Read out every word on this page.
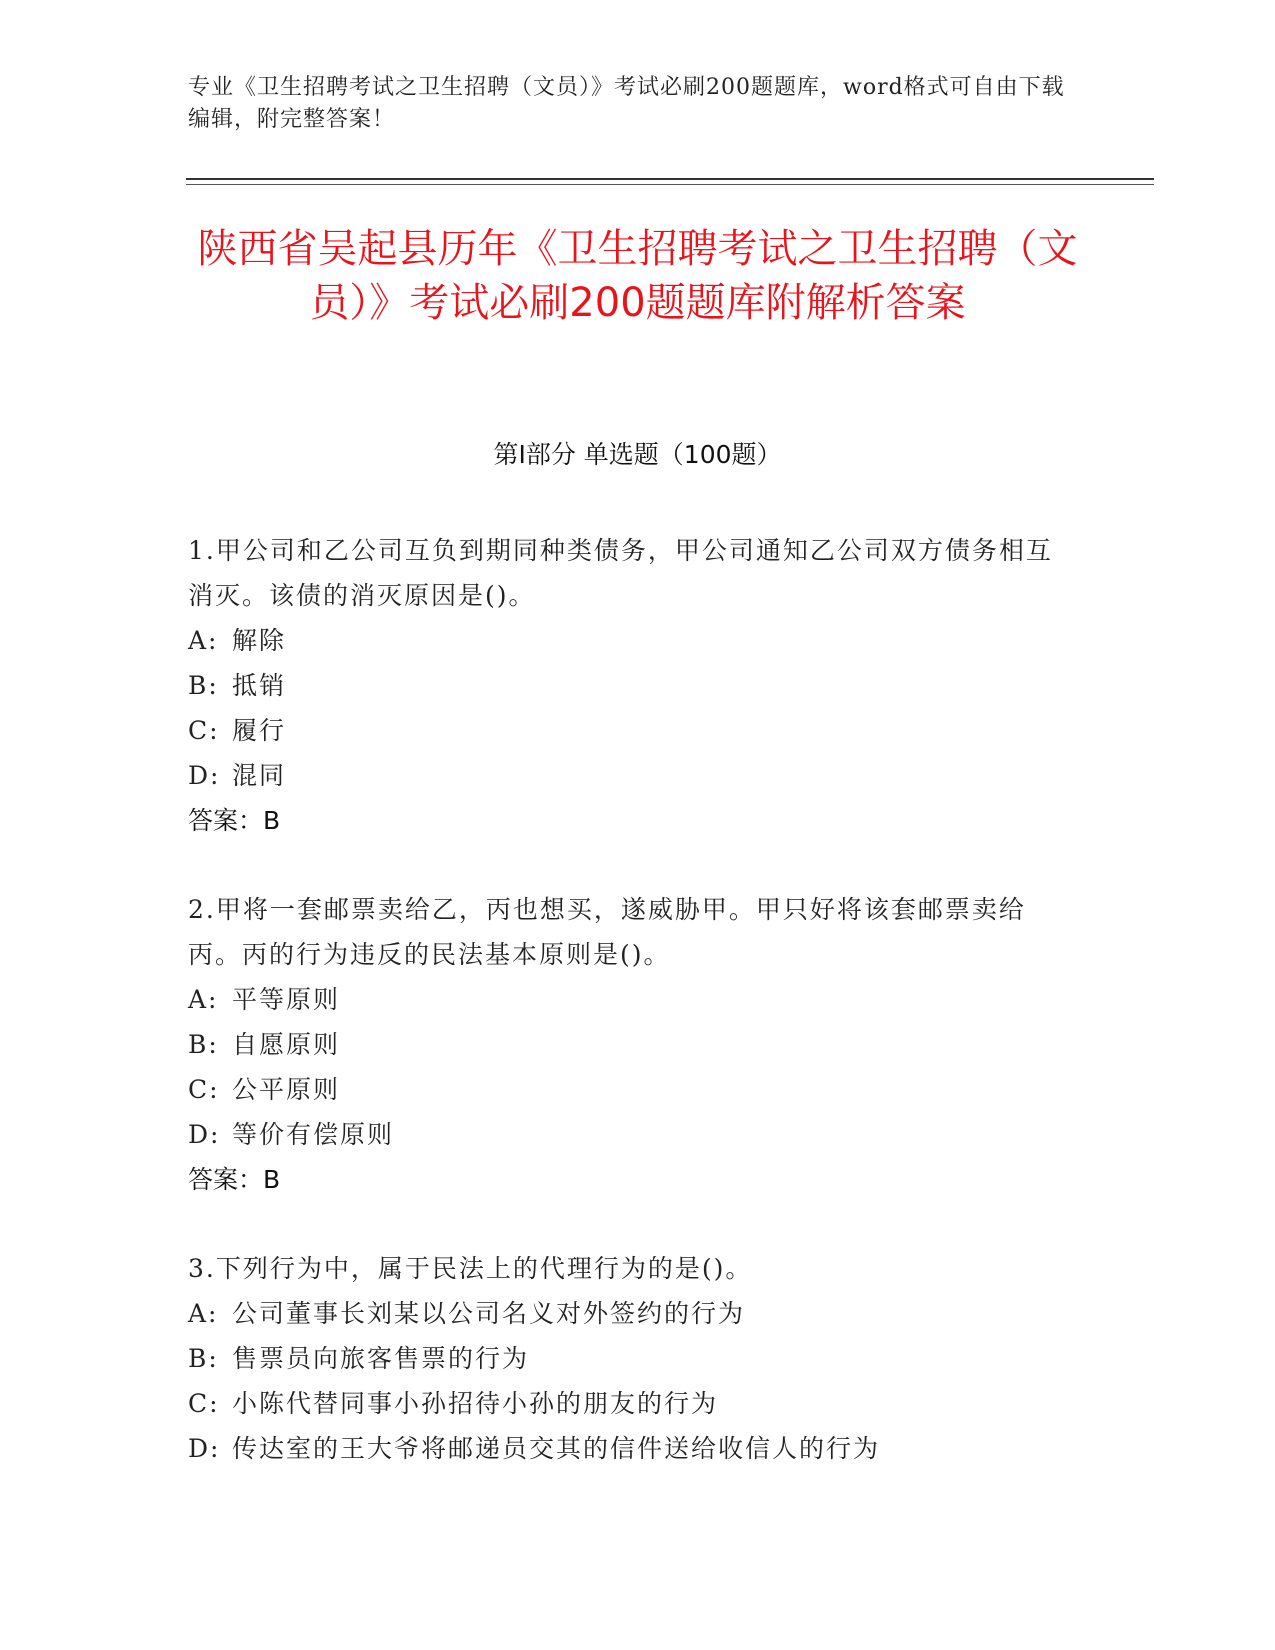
专业《卫生招聘考试之卫生招聘（文员）》考试必刷200题题库，word格式可自由下载编辑，附完整答案！
陕西省吴起县历年《卫生招聘考试之卫生招聘（文员）》考试必刷200题题库附解析答案
第I部分 单选题（100题）
1.甲公司和乙公司互负到期同种类债务，甲公司通知乙公司双方债务相互消灭。该债的消灭原因是()。
A: 解除
B: 抵销
C: 履行
D: 混同
答案：B
2.甲将一套邮票卖给乙，丙也想买，遂威胁甲。甲只好将该套邮票卖给丙。丙的行为违反的民法基本原则是()。
A: 平等原则
B: 自愿原则
C: 公平原则
D: 等价有偿原则
答案：B
3.下列行为中，属于民法上的代理行为的是()。
A: 公司董事长刘某以公司名义对外签约的行为
B: 售票员向旅客售票的行为
C: 小陈代替同事小孙招待小孙的朋友的行为
D: 传达室的王大爷将邮递员交其的信件送给收信人的行为
